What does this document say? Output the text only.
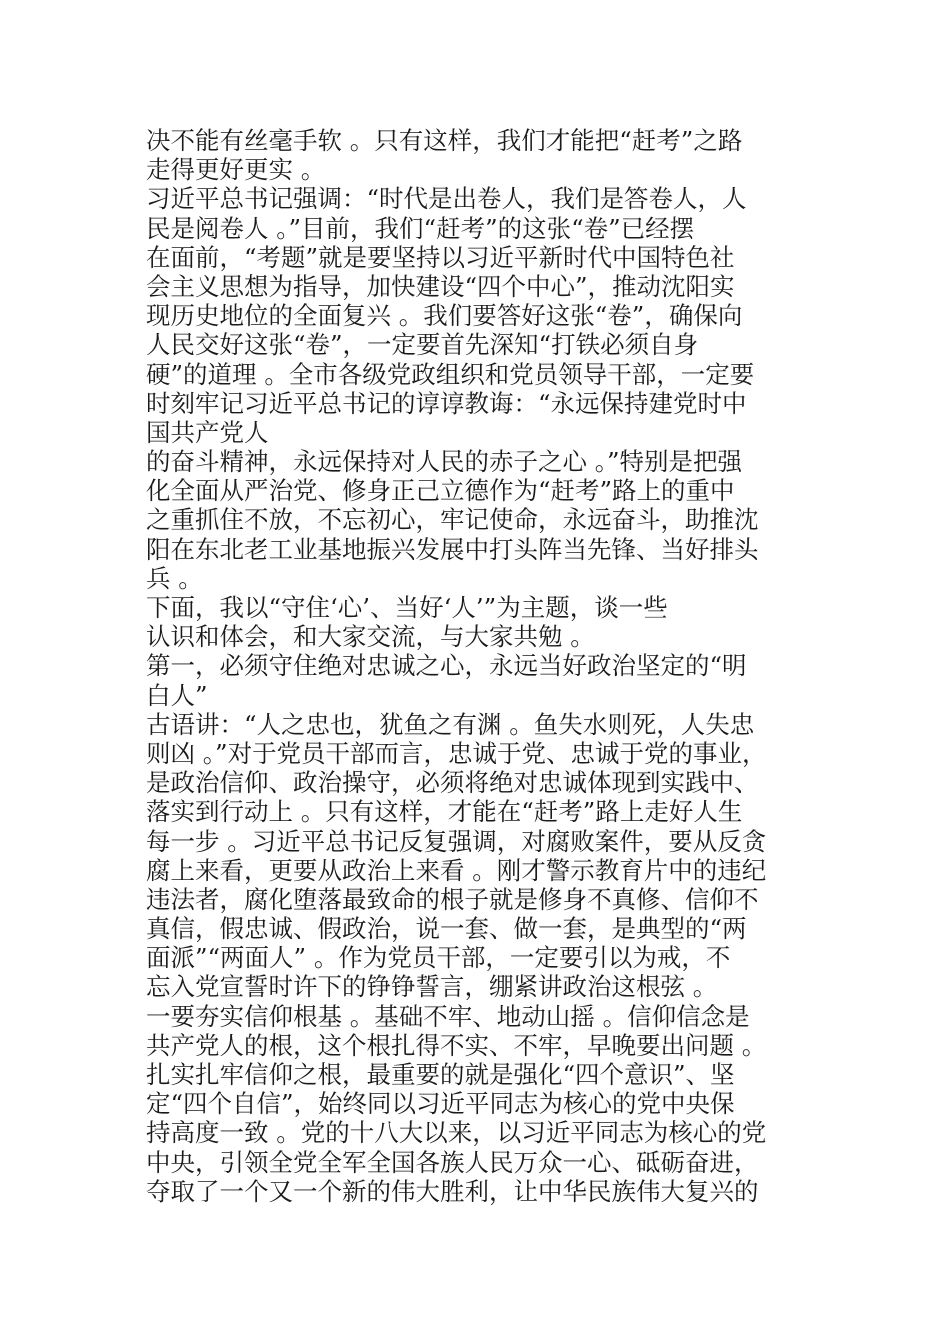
决不能有丝毫手软 。只有这样，我们才能把“赶考”之路
走得更好更实 。
习近平总书记强调：“时代是出卷人，我们是答卷人，人
民是阅卷人 。”目前，我们“赶考”的这张“卷”已经摆
在面前，“考题”就是要坚持以习近平新时代中国特色社
会主义思想为指导，加快建设“四个中心”，推动沈阳实
现历史地位的全面复兴 。我们要答好这张“卷”，确保向
人民交好这张“卷”，一定要首先深知“打铁必须自身
硬”的道理 。全市各级党政组织和党员领导干部，一定要
时刻牢记习近平总书记的谆谆教诲：“永远保持建党时中
国共产党人
的奋斗精神，永远保持对人民的赤子之心 。”特别是把强
化全面从严治党、修身正己立德作为“赶考”路上的重中
之重抓住不放，不忘初心，牢记使命，永远奋斗，助推沈
阳在东北老工业基地振兴发展中打头阵当先锋、当好排头
兵 。
下面，我以“守住‘心’、当好‘人’”为主题，谈一些
认识和体会，和大家交流，与大家共勉 。
第一，必须守住绝对忠诚之心，永远当好政治坚定的“明
白人”
古语讲：“人之忠也，犹鱼之有渊 。鱼失水则死，人失忠
则凶 。”对于党员干部而言，忠诚于党、忠诚于党的事业，
是政治信仰、政治操守，必须将绝对忠诚体现到实践中、
落实到行动上 。只有这样，才能在“赶考”路上走好人生
每一步 。习近平总书记反复强调，对腐败案件，要从反贪
腐上来看，更要从政治上来看 。刚才警示教育片中的违纪
违法者，腐化堕落最致命的根子就是修身不真修、信仰不
真信，假忠诚、假政治，说一套、做一套，是典型的“两
面派”“两面人” 。作为党员干部，一定要引以为戒，不
忘入党宣誓时许下的铮铮誓言，绷紧讲政治这根弦 。
一要夯实信仰根基 。基础不牢、地动山摇 。信仰信念是
共产党人的根，这个根扎得不实、不牢，早晚要出问题 。
扎实扎牢信仰之根，最重要的就是强化“四个意识”、坚
定“四个自信”，始终同以习近平同志为核心的党中央保
持高度一致 。党的十八大以来，以习近平同志为核心的党
中央，引领全党全军全国各族人民万众一心、砥砺奋进，
夺取了一个又一个新的伟大胜利，让中华民族伟大复兴的
